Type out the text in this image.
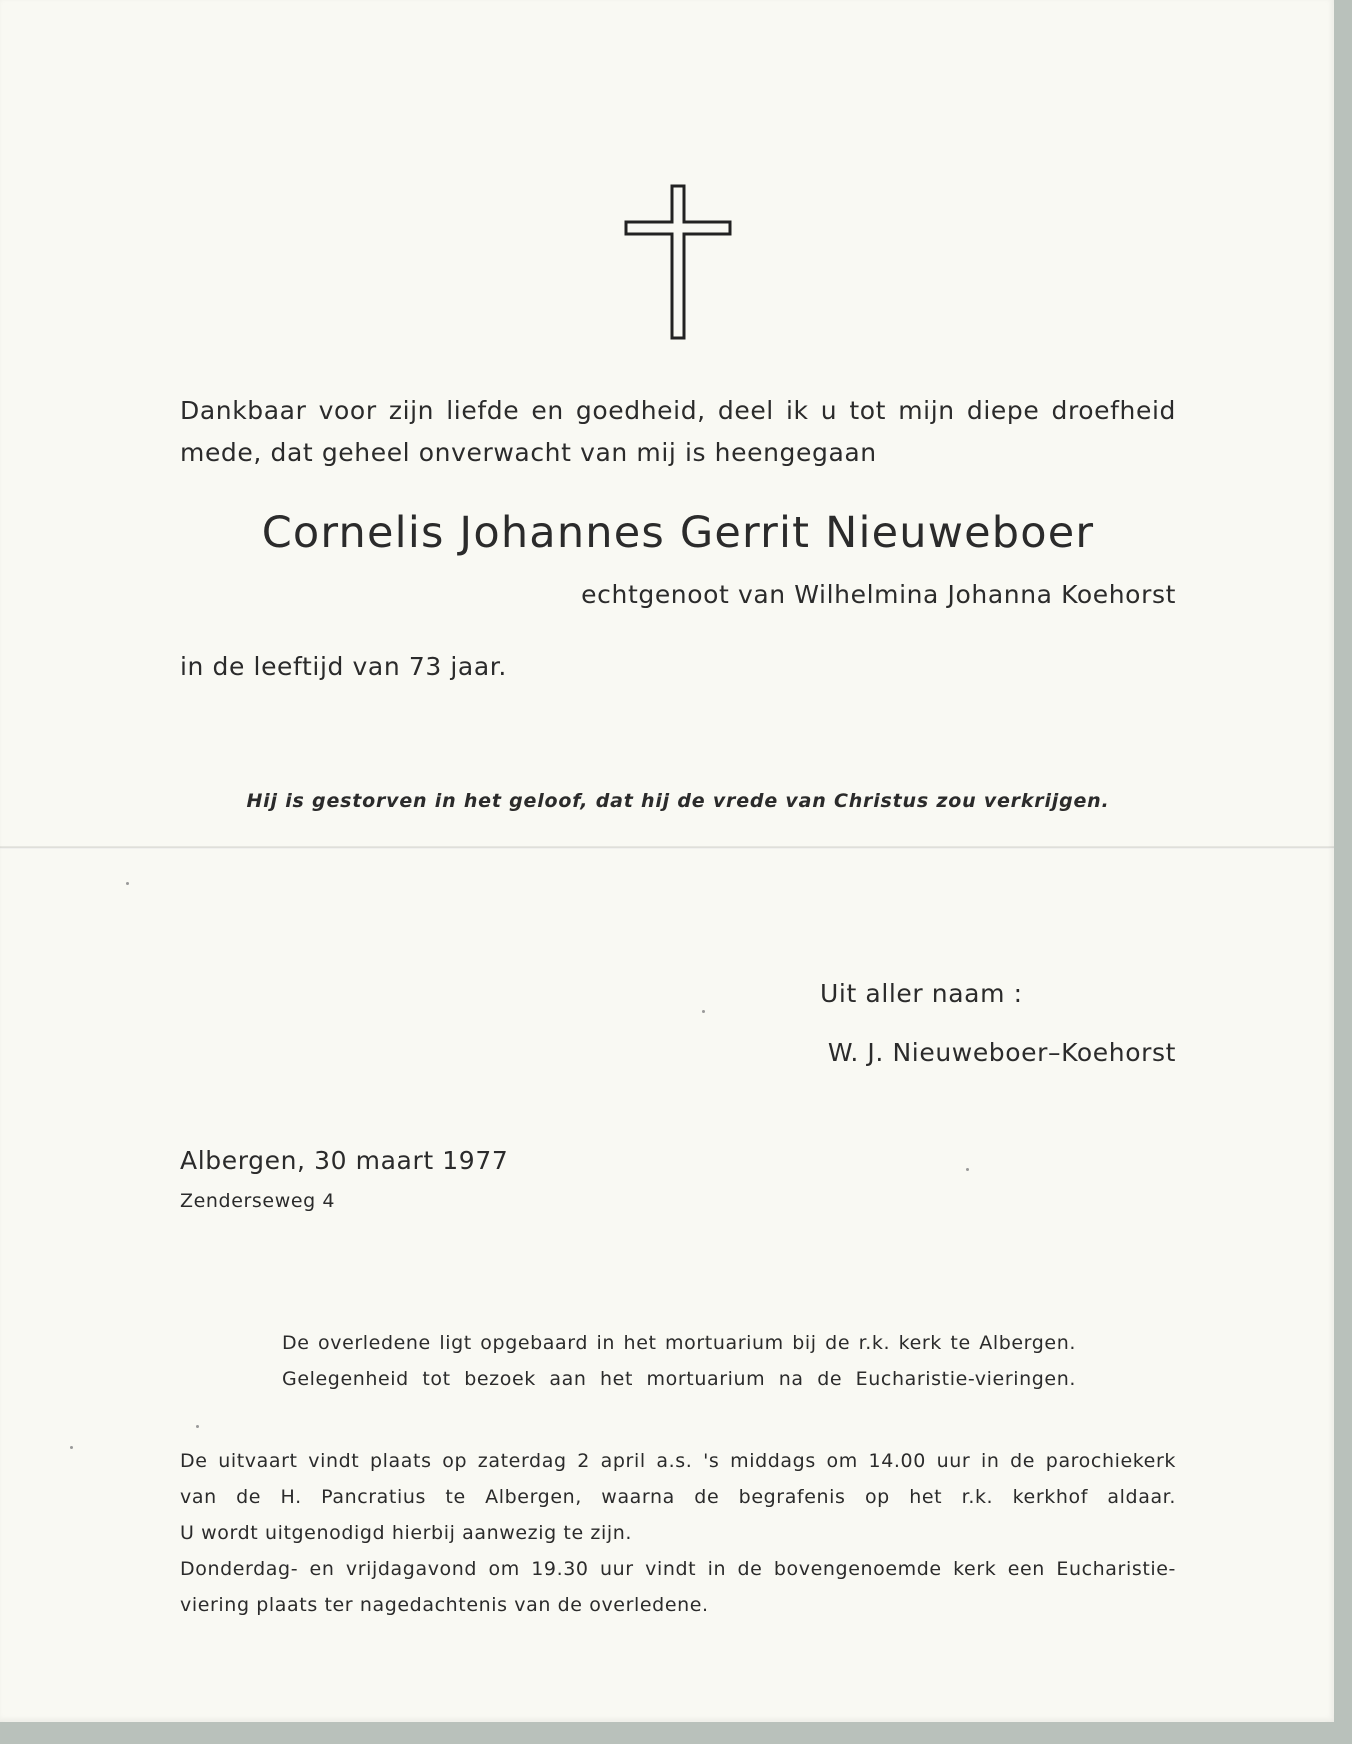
Dankbaar voor zijn liefde en goedheid, deel ik u tot mijn diepe droefheid

mede, dat geheel onverwacht van mij is heengegaan

Cornelis Johannes Gerrit Nieuweboer

echtgenoot van Wilhelmina Johanna Koehorst

in de leeftijd van 73 jaar.

Hij is gestorven in het geloof, dat hij de vrede van Christus zou verkrijgen.

Uit aller naam :

W. J. Nieuweboer–Koehorst

Albergen, 30 maart 1977

Zenderseweg 4

De overledene ligt opgebaard in het mortuarium bij de r.k. kerk te Albergen.

Gelegenheid tot bezoek aan het mortuarium na de Eucharistie-vieringen.

De uitvaart vindt plaats op zaterdag 2 april a.s. 's middags om 14.00 uur in de parochiekerk

van de H. Pancratius te Albergen, waarna de begrafenis op het r.k. kerkhof aldaar.

U wordt uitgenodigd hierbij aanwezig te zijn.

Donderdag- en vrijdagavond om 19.30 uur vindt in de bovengenoemde kerk een Eucharistie-

viering plaats ter nagedachtenis van de overledene.
